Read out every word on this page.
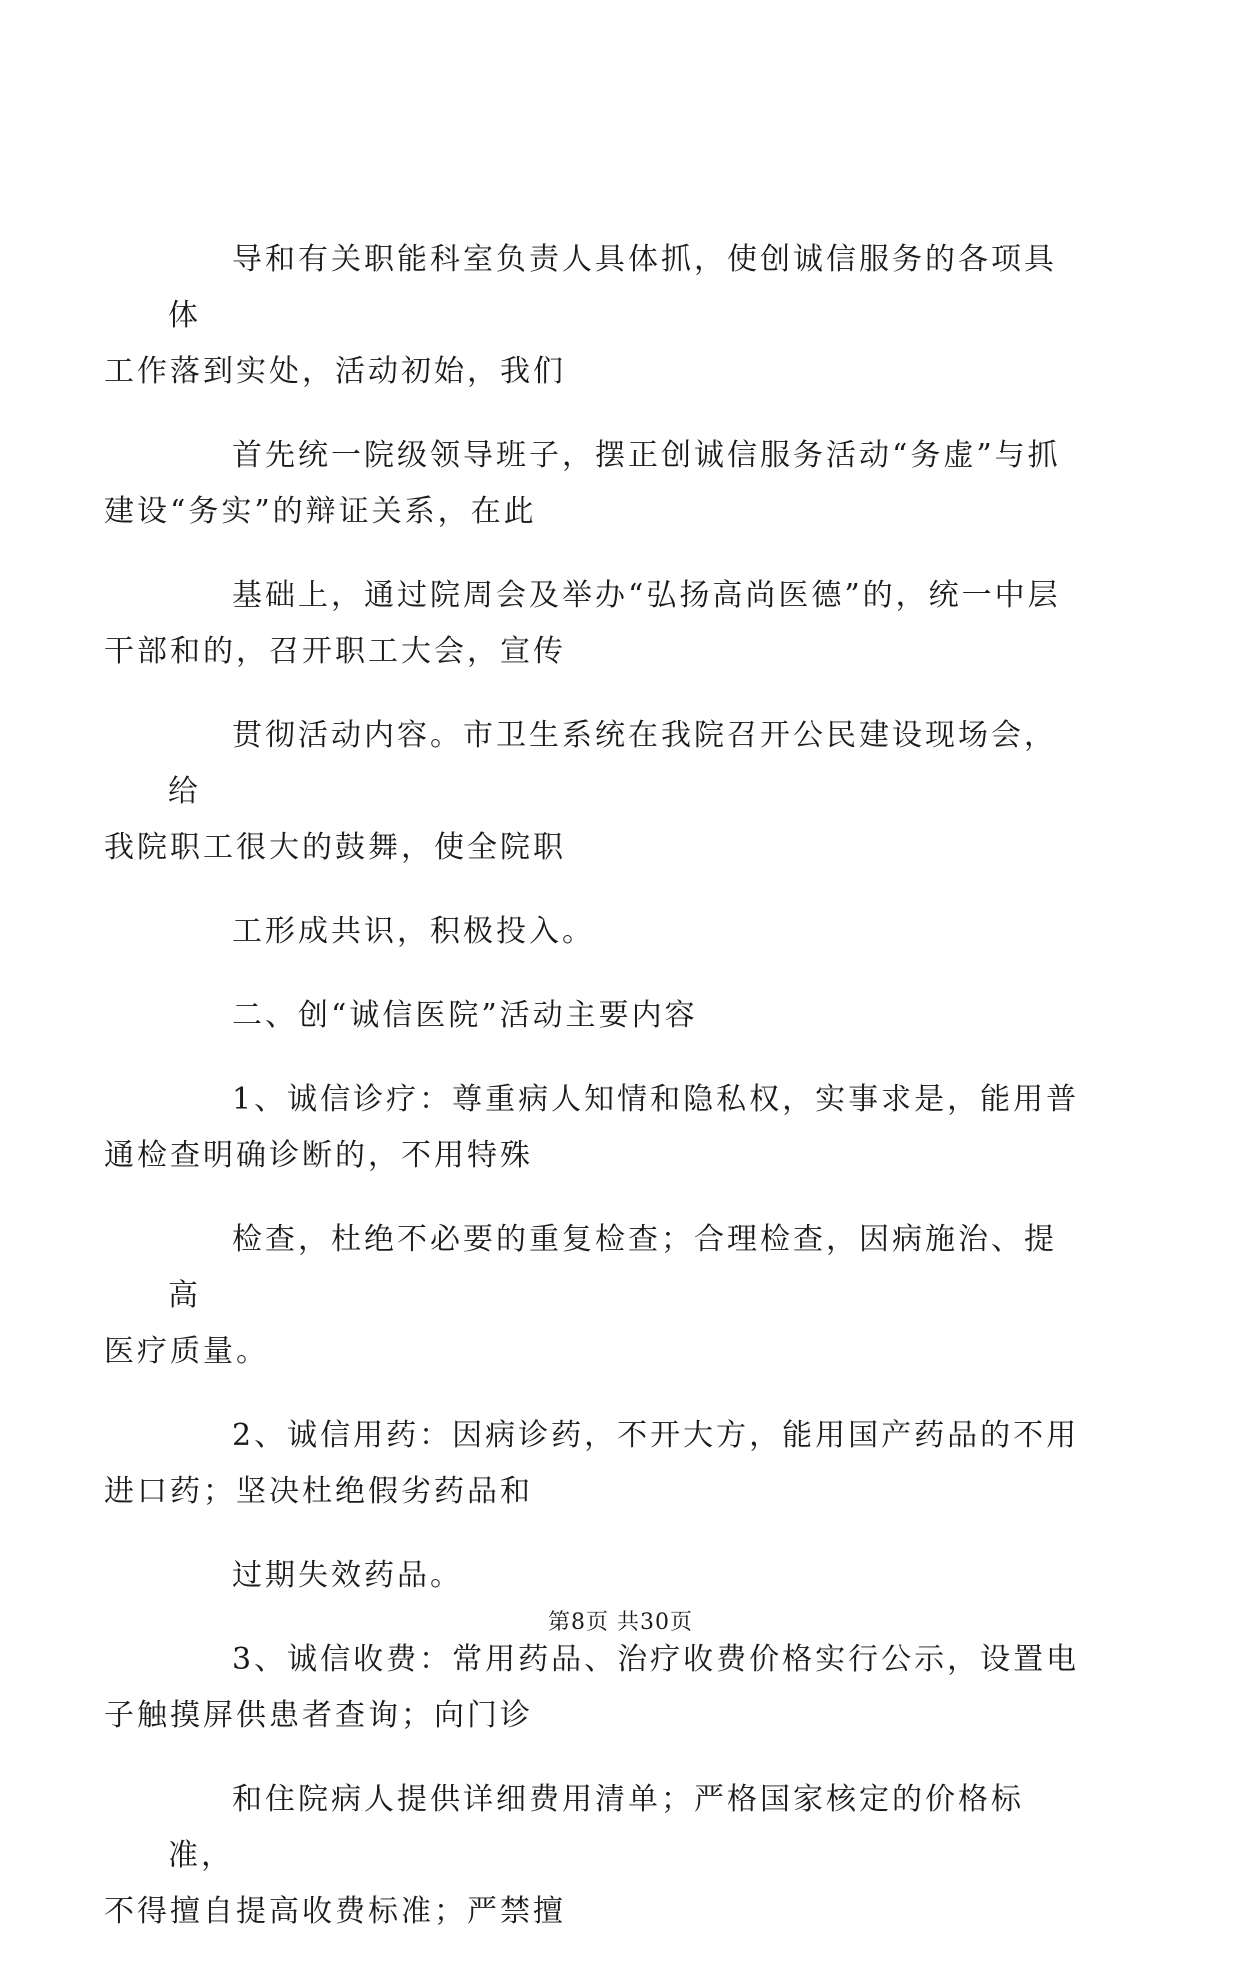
导和有关职能科室负责人具体抓，使创诚信服务的各项具体
工作落到实处，活动初始，我们

首先统一院级领导班子，摆正创诚信服务活动“务虚”与抓
建设“务实”的辩证关系，在此

基础上，通过院周会及举办“弘扬高尚医德”的，统一中层
干部和的，召开职工大会，宣传

贯彻活动内容。市卫生系统在我院召开公民建设现场会，给
我院职工很大的鼓舞，使全院职

工形成共识，积极投入。

二、创“诚信医院”活动主要内容

1、诚信诊疗：尊重病人知情和隐私权，实事求是，能用普
通检查明确诊断的，不用特殊

检查，杜绝不必要的重复检查；合理检查，因病施治、提高
医疗质量。

2、诚信用药：因病诊药，不开大方，能用国产药品的不用
进口药；坚决杜绝假劣药品和

过期失效药品。

3、诚信收费：常用药品、治疗收费价格实行公示，设置电
子触摸屏供患者查询；向门诊

和住院病人提供详细费用清单；严格国家核定的价格标准，
不得擅自提高收费标准；严禁擅

第8页 共30页
